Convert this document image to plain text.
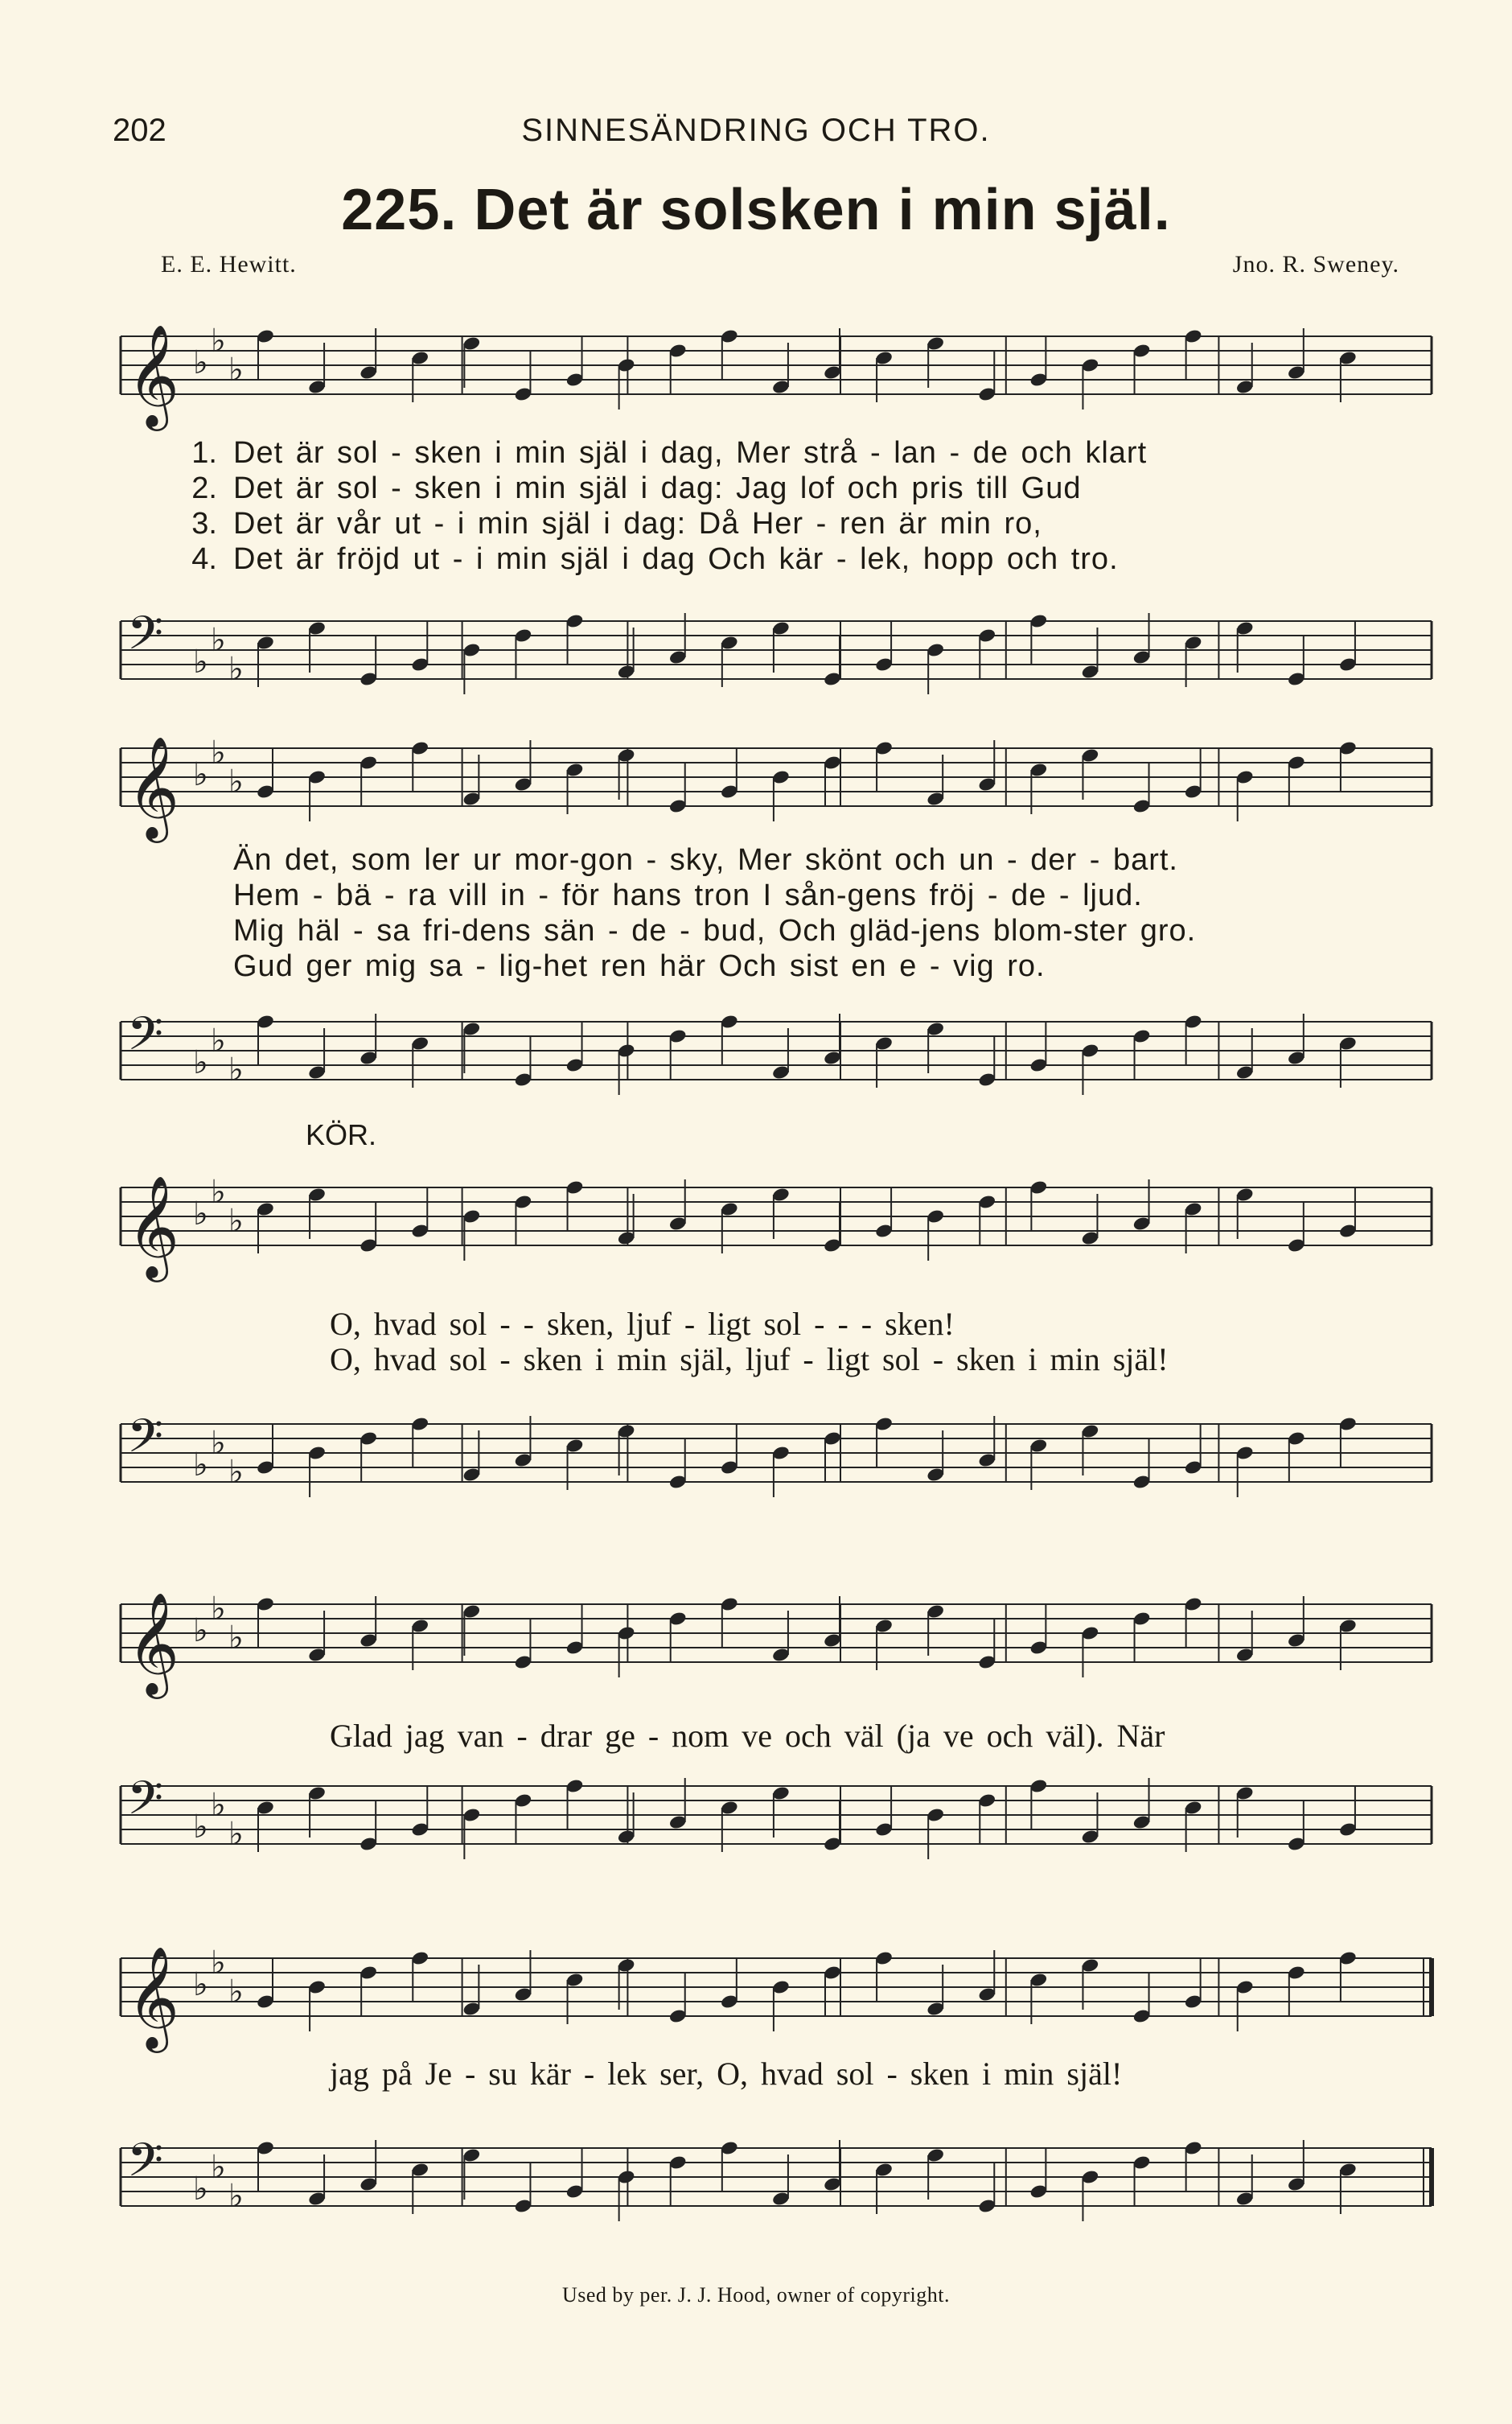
202	SINNESÄNDRING OCH TRO.
225. Det är solsken i min själ.
E. E. Hewitt.	Jno. R. Sweney.
𝄞 ♭
♭
♭
1. Det är sol - sken i min själ i dag, Mer strå - lan - de och klart
2. Det är sol - sken i min själ i dag: Jag lof och pris till Gud
3. Det är vår ut - i min själ i dag: Då Her - ren är min ro,
4. Det är fröjd ut - i min själ i dag Och kär - lek, hopp och tro.
𝄢 ♭
♭
♭
𝄞 ♭
♭
♭
Än det, som ler ur mor-gon - sky, Mer skönt och un - der - bart.
Hem - bä - ra vill in - för hans tron I sån-gens fröj - de - ljud.
Mig häl - sa fri-dens sän - de - bud, Och gläd-jens blom-ster gro.
Gud ger mig sa - lig-het ren här Och sist en e - vig ro.
𝄢 ♭
♭
♭
KÖR.
𝄞 ♭
♭
♭
O, hvad sol - - sken, ljuf - ligt sol - - - sken!
O, hvad sol - sken i min själ, ljuf - ligt sol - sken i min själ!
𝄢 ♭
♭
♭
𝄞 ♭
♭
♭
Glad jag van - drar ge - nom ve och väl (ja ve och väl). När
𝄢 ♭
♭
♭
𝄞 ♭
♭
♭
jag på Je - su kär - lek ser, O, hvad sol - sken i min själ!
𝄢 ♭
♭
♭
Used by per. J. J. Hood, owner of copyright.
